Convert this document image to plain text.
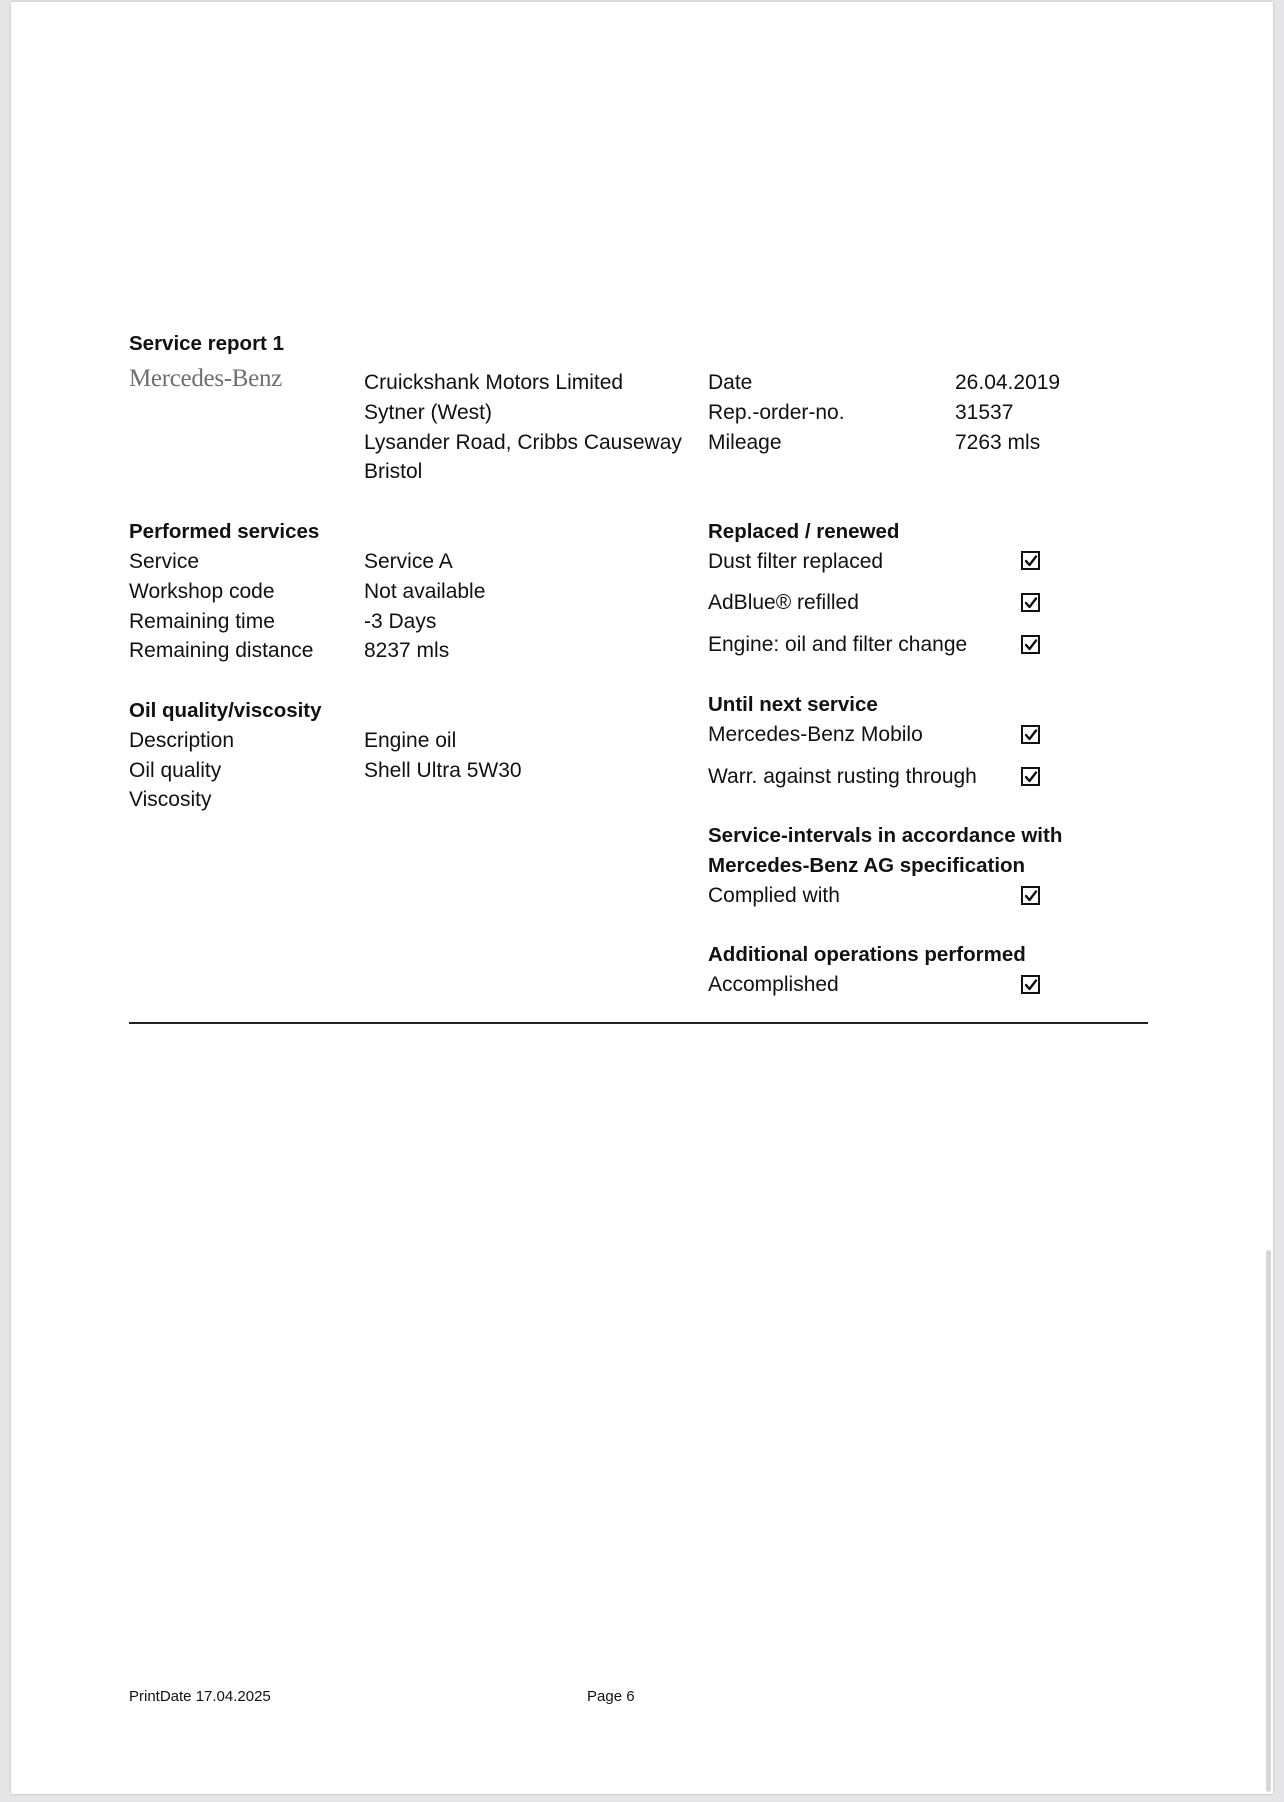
Service report 1
Mercedes-Benz	Cruickshank Motors Limited
Sytner (West)
Lysander Road, Cribbs Causeway
Bristol
Date	26.04.2019
Rep.-order-no.	31537
Mileage	7263 mls
Performed services
Service	Service A
Workshop code	Not available
Remaining time	-3 Days
Remaining distance 8237 mls
Oil quality/viscosity
Description	Engine oil
Oil quality	Shell Ultra 5W30
Viscosity
Replaced / renewed
Dust filter replaced
AdBlue® refilled
Engine: oil and filter change
Until next service
Mercedes-Benz Mobilo
Warr. against rusting through
Service-intervals in accordance with
Mercedes-Benz AG specification
Complied with
Additional operations performed
Accomplished
PrintDate 17.04.2025	Page 6
